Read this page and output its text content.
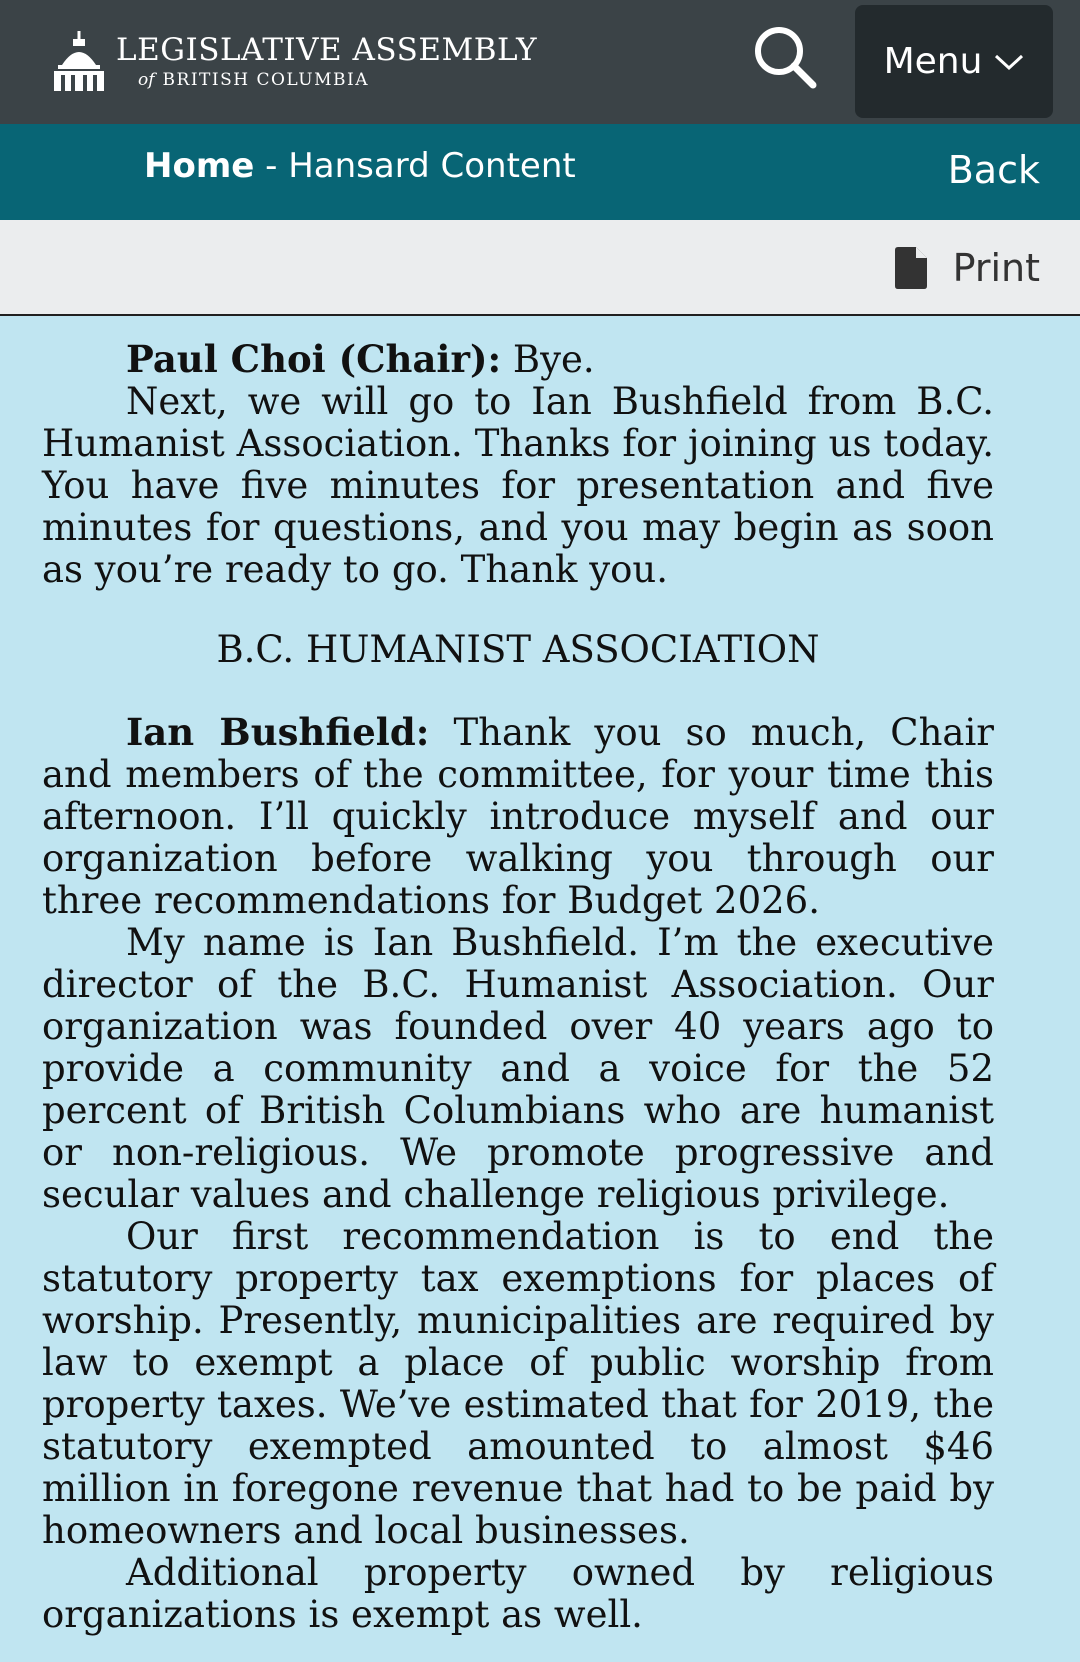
LEGISLATIVE ASSEMBLY
of BRITISH COLUMBIA	Menu
Home - Hansard Content	Back
Print

Paul Choi (Chair): Bye.

Next, we will go to Ian Bushfield from B.C. Humanist Association. Thanks for joining us today. You have five minutes for presentation and five minutes for questions, and you may begin as soon as you’re ready to go. Thank you.

B.C. HUMANIST ASSOCIATION

Ian Bushfield: Thank you so much, Chair and members of the committee, for your time this afternoon. I’ll quickly introduce myself and our organization before walking you through our three recommendations for Budget 2026.

My name is Ian Bushfield. I’m the executive director of the B.C. Humanist Association. Our organization was founded over 40 years ago to provide a community and a voice for the 52 percent of British Columbians who are humanist or non-religious. We promote progressive and secular values and challenge religious privilege.

Our first recommendation is to end the statutory property tax exemptions for places of worship. Presently, municipalities are required by law to exempt a place of public worship from property taxes. We’ve estimated that for 2019, the statutory exempted amounted to almost $46 million in foregone revenue that had to be paid by homeowners and local businesses.

Additional property owned by religious organizations is exempt as well.
